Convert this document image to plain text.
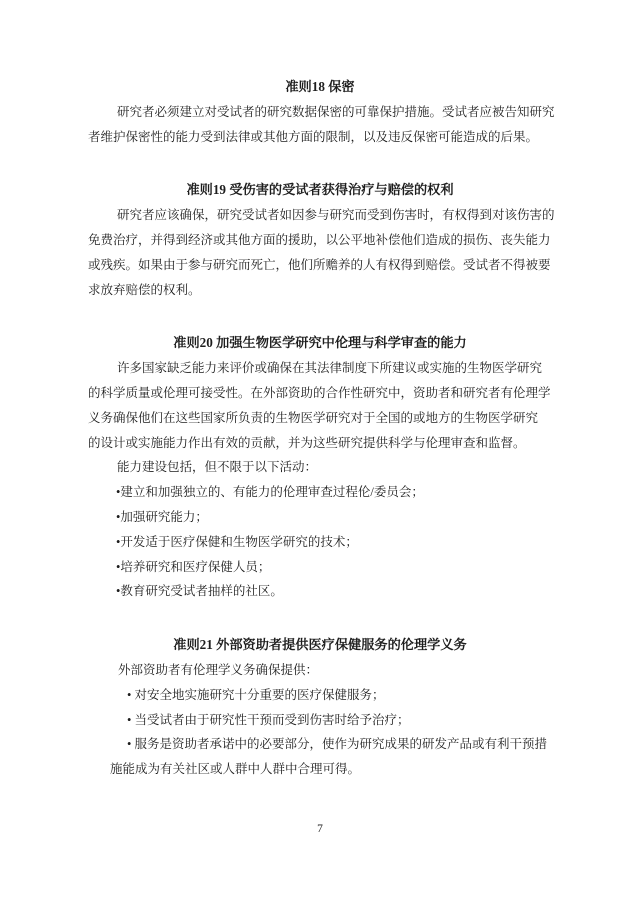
准则18 保密
研究者必须建立对受试者的研究数据保密的可靠保护措施。受试者应被告知研究
者维护保密性的能力受到法律或其他方面的限制，以及违反保密可能造成的后果。
准则19 受伤害的受试者获得治疗与赔偿的权利
研究者应该确保，研究受试者如因参与研究而受到伤害时，有权得到对该伤害的
免费治疗，并得到经济或其他方面的援助，以公平地补偿他们造成的损伤、丧失能力
或残疾。如果由于参与研究而死亡，他们所赡养的人有权得到赔偿。受试者不得被要
求放弃赔偿的权利。
准则20 加强生物医学研究中伦理与科学审查的能力
许多国家缺乏能力来评价或确保在其法律制度下所建议或实施的生物医学研究
的科学质量或伦理可接受性。在外部资助的合作性研究中，资助者和研究者有伦理学
义务确保他们在这些国家所负责的生物医学研究对于全国的或地方的生物医学研究
的设计或实施能力作出有效的贡献，并为这些研究提供科学与伦理审查和监督。
能力建设包括，但不限于以下活动：
•建立和加强独立的、有能力的伦理审查过程伦/委员会；
•加强研究能力；
•开发适于医疗保健和生物医学研究的技术；
•培养研究和医疗保健人员；
•教育研究受试者抽样的社区。
准则21 外部资助者提供医疗保健服务的伦理学义务
外部资助者有伦理学义务确保提供：
• 对安全地实施研究十分重要的医疗保健服务；
• 当受试者由于研究性干预而受到伤害时给予治疗；
• 服务是资助者承诺中的必要部分，使作为研究成果的研发产品或有利干预措
施能成为有关社区或人群中人群中合理可得。
7
